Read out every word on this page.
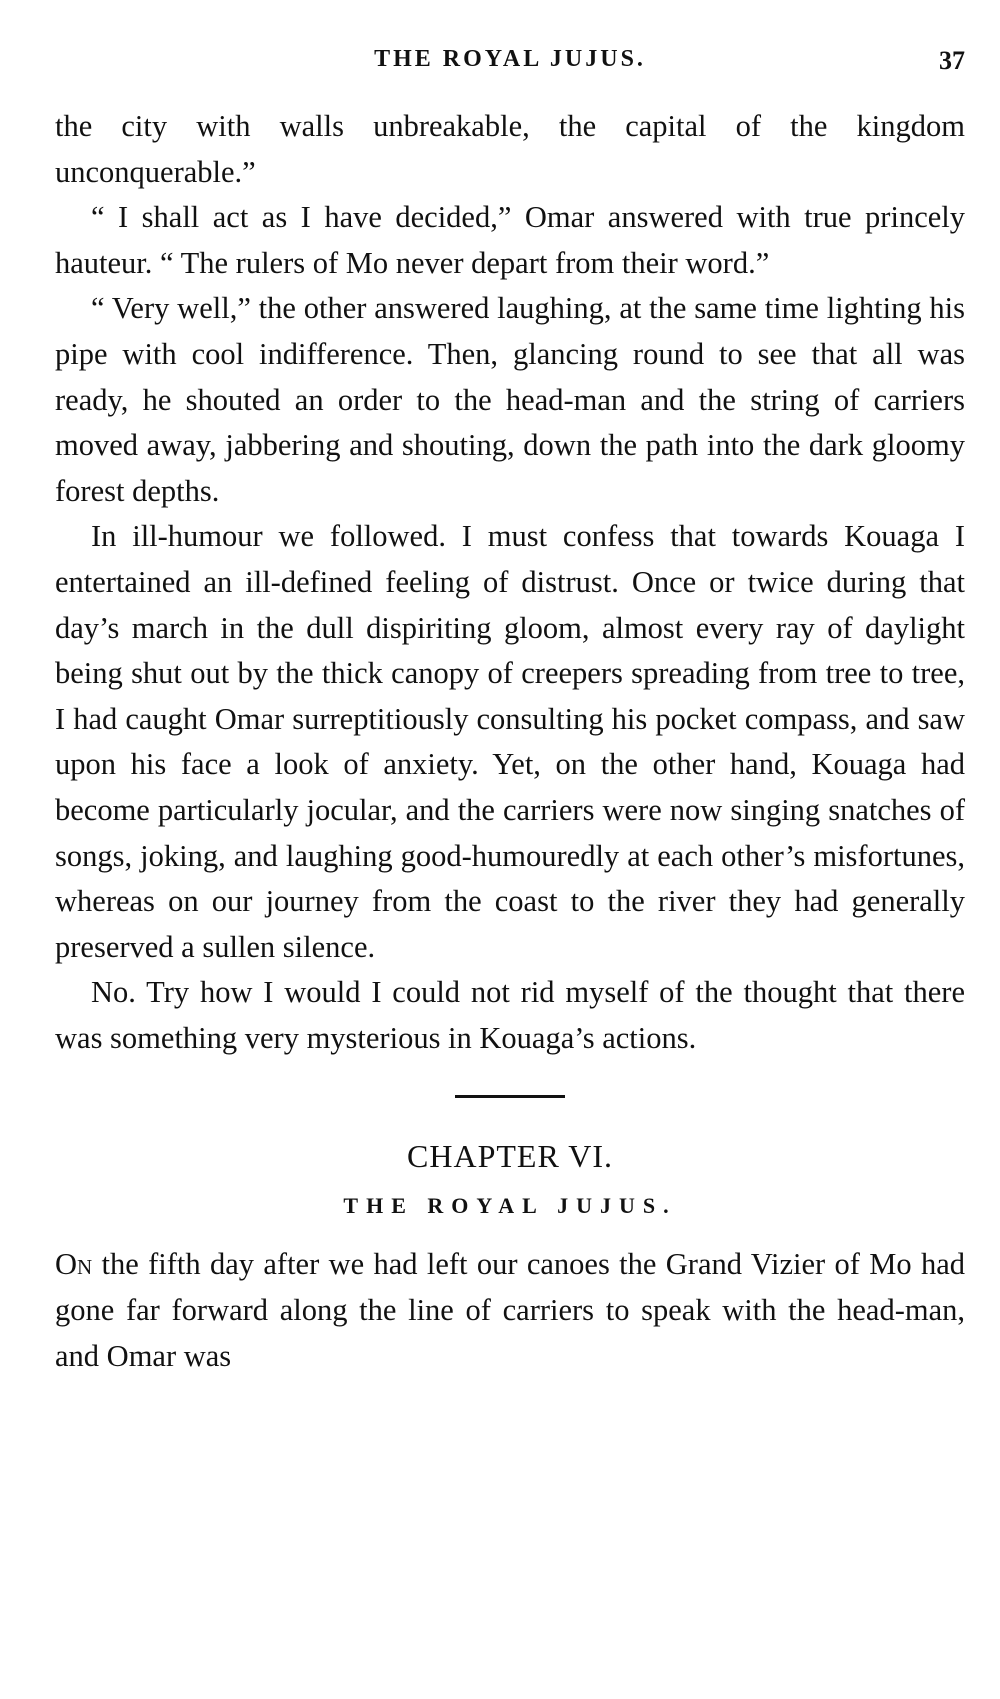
THE ROYAL JUJUS.	37

the city with walls unbreakable, the capital of the kingdom unconquerable.”

“ I shall act as I have decided,” Omar answered with true princely hauteur. “ The rulers of Mo never depart from their word.”

“ Very well,” the other answered laughing, at the same time lighting his pipe with cool indifference. Then, glancing round to see that all was ready, he shouted an order to the head-man and the string of carriers moved away, jabbering and shouting, down the path into the dark gloomy forest depths.

In ill-humour we followed. I must confess that towards Kouaga I entertained an ill-defined feeling of distrust. Once or twice during that day’s march in the dull dispiriting gloom, almost every ray of daylight being shut out by the thick canopy of creepers spreading from tree to tree, I had caught Omar surreptitiously consulting his pocket compass, and saw upon his face a look of anxiety. Yet, on the other hand, Kouaga had become particularly jocular, and the carriers were now singing snatches of songs, joking, and laughing good-humouredly at each other’s misfortunes, whereas on our journey from the coast to the river they had generally preserved a sullen silence.

No. Try how I would I could not rid myself of the thought that there was something very mysterious in Kouaga’s actions.

CHAPTER VI.
THE ROYAL JUJUS.

On the fifth day after we had left our canoes the Grand Vizier of Mo had gone far forward along the line of carriers to speak with the head-man, and Omar was
